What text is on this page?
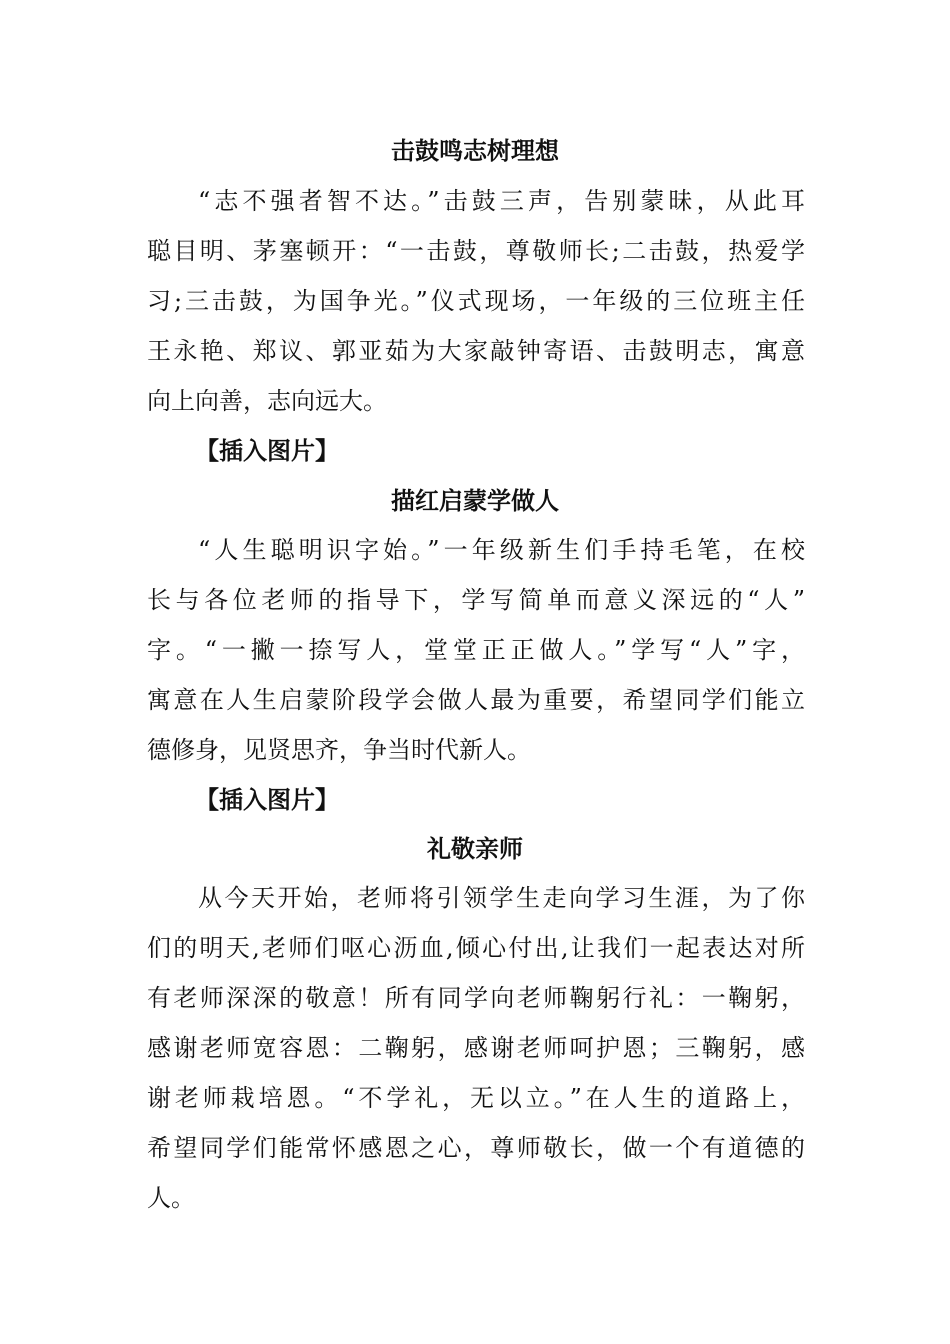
击鼓鸣志树理想
“志不强者智不达。”击鼓三声，告别蒙昧，从此耳
聪目明、茅塞顿开：“一击鼓，尊敬师长;二击鼓，热爱学
习;三击鼓，为国争光。”仪式现场，一年级的三位班主任
王永艳、郑议、郭亚茹为大家敲钟寄语、击鼓明志，寓意
向上向善，志向远大。
【插入图片】
描红启蒙学做人
“人生聪明识字始。”一年级新生们手持毛笔，在校
长与各位老师的指导下，学写简单而意义深远的“人”
字。“一撇一捺写人，堂堂正正做人。”学写“人”字，
寓意在人生启蒙阶段学会做人最为重要，希望同学们能立
德修身，见贤思齐，争当时代新人。
【插入图片】
礼敬亲师
从今天开始，老师将引领学生走向学习生涯，为了你
们的明天,老师们呕心沥血,倾心付出,让我们一起表达对所
有老师深深的敬意！所有同学向老师鞠躬行礼：一鞠躬，
感谢老师宽容恩：二鞠躬，感谢老师呵护恩；三鞠躬，感
谢老师栽培恩。“不学礼，无以立。”在人生的道路上，
希望同学们能常怀感恩之心，尊师敬长，做一个有道德的
人。
